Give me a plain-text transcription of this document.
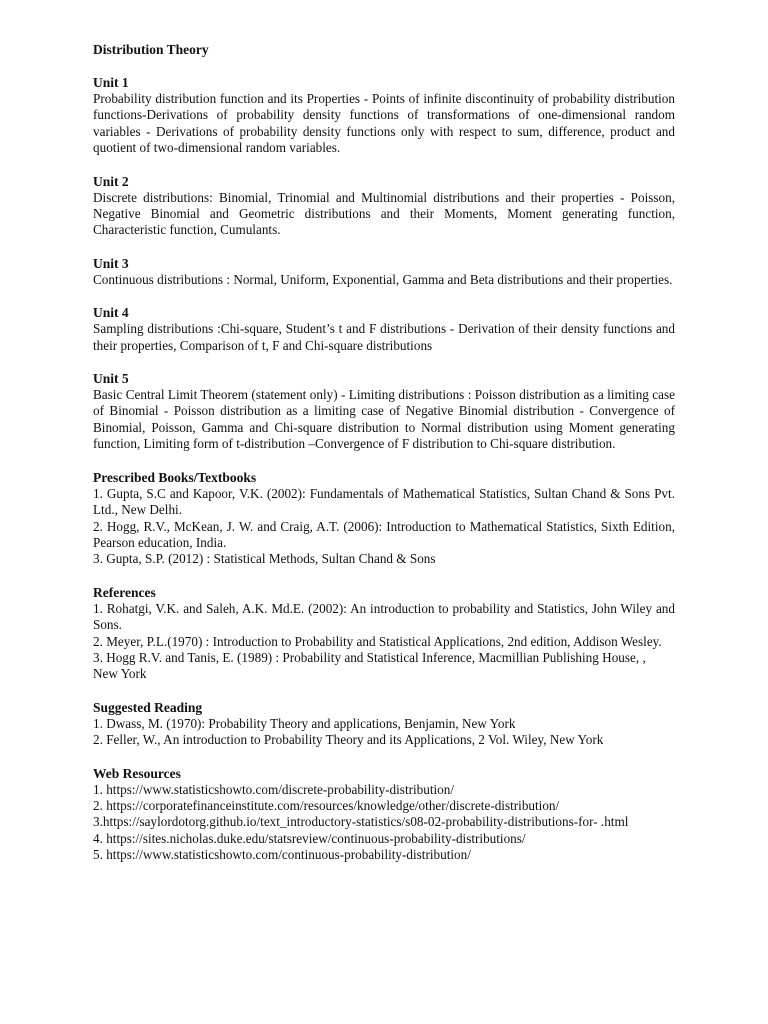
Distribution Theory
Unit 1

Probability distribution function and its Properties - Points of infinite discontinuity of probability distribution functions-Derivations of probability density functions of transformations of one-dimensional random variables - Derivations of probability density functions only with respect to sum, difference, product and quotient of two-dimensional random variables.

Unit 2

Discrete distributions: Binomial, Trinomial and Multinomial distributions and their properties - Poisson, Negative Binomial and Geometric distributions and their Moments, Moment generating function, Characteristic function, Cumulants.

Unit 3

Continuous distributions : Normal, Uniform, Exponential, Gamma and Beta distributions and their properties.

Unit 4

Sampling distributions :Chi-square, Student’s t and F distributions - Derivation of their density functions and their properties, Comparison of t, F and Chi-square distributions

Unit 5

Basic Central Limit Theorem (statement only) - Limiting distributions : Poisson distribution as a limiting case of Binomial - Poisson distribution as a limiting case of Negative Binomial distribution - Convergence of Binomial, Poisson, Gamma and Chi-square distribution to Normal distribution using Moment generating function, Limiting form of t-distribution –Convergence of F distribution to Chi-square distribution.

Prescribed Books/Textbooks
1. Gupta, S.C and Kapoor, V.K. (2002): Fundamentals of Mathematical Statistics, Sultan Chand & Sons Pvt. Ltd., New Delhi.
2. Hogg, R.V., McKean, J. W. and Craig, A.T. (2006): Introduction to Mathematical Statistics, Sixth Edition, Pearson education, India.
3. Gupta, S.P. (2012) : Statistical Methods, Sultan Chand & Sons
References
1. Rohatgi, V.K. and Saleh, A.K. Md.E. (2002): An introduction to probability and Statistics, John Wiley and Sons.
2. Meyer, P.L.(1970) : Introduction to Probability and Statistical Applications, 2nd edition, Addison Wesley.
3. Hogg R.V. and Tanis, E. (1989) : Probability and Statistical Inference, Macmillian Publishing House, ,
New York
Suggested Reading
1. Dwass, M. (1970): Probability Theory and applications, Benjamin, New York
2. Feller, W., An introduction to Probability Theory and its Applications, 2 Vol. Wiley, New York
Web Resources
1. https://www.statisticshowto.com/discrete-probability-distribution/
2. https://corporatefinanceinstitute.com/resources/knowledge/other/discrete-distribution/
3.https://saylordotorg.github.io/text_introductory-statistics/s08-02-probability-distributions-for- .html
4. https://sites.nicholas.duke.edu/statsreview/continuous-probability-distributions/
5. https://www.statisticshowto.com/continuous-probability-distribution/
